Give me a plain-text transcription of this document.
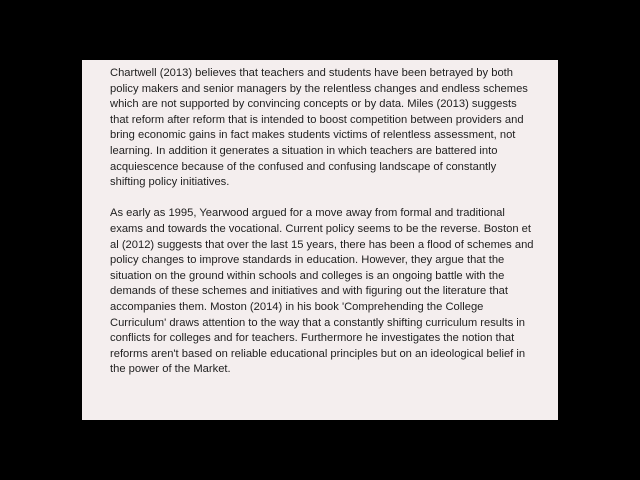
Chartwell (2013) believes that teachers and students have been betrayed by both policy makers and senior managers by the relentless changes and endless schemes which are not supported by convincing concepts or by data. Miles (2013) suggests that reform after reform that is intended to boost competition between providers and bring economic gains in fact makes students victims of relentless assessment, not learning. In addition it generates a situation in which teachers are battered into acquiescence because of the confused and confusing landscape of constantly shifting policy initiatives.

As early as 1995, Yearwood argued for a move away from formal and traditional exams and towards the vocational. Current policy seems to be the reverse. Boston et al (2012) suggests that over the last 15 years, there has been a flood of schemes and policy changes to improve standards in education. However, they argue that the situation on the ground within schools and colleges is an ongoing battle with the demands of these schemes and initiatives and with figuring out the literature that accompanies them. Moston (2014) in his book 'Comprehending the College Curriculum' draws attention to the way that a constantly shifting curriculum results in conflicts for colleges and for teachers. Furthermore he investigates the notion that reforms aren't based on reliable educational principles but on an ideological belief in the power of the Market.
